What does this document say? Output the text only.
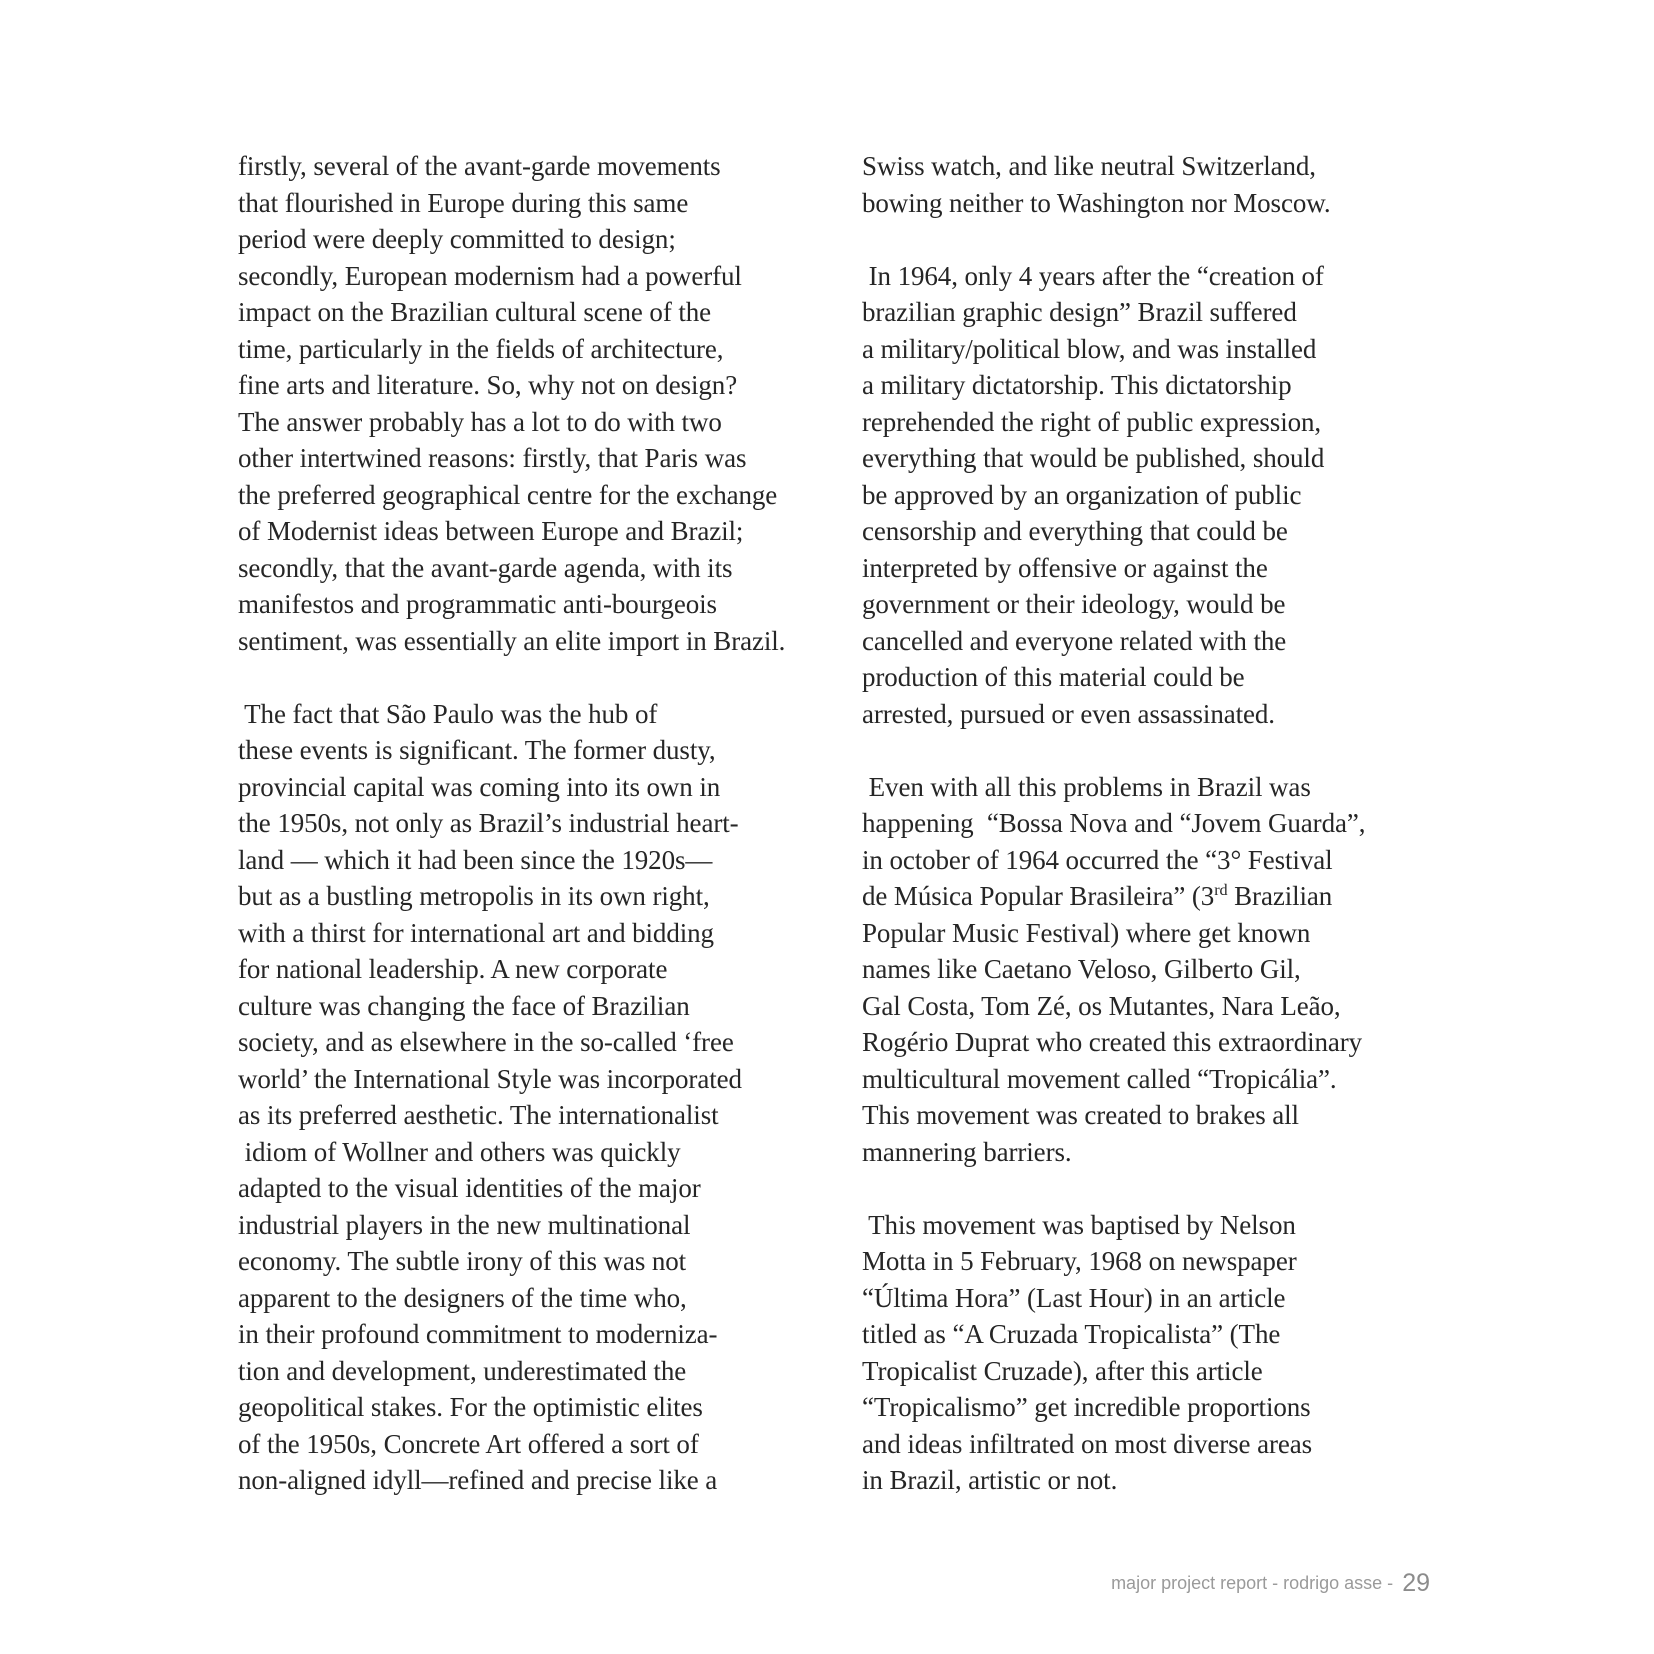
firstly, several of the avant-garde movements
that flourished in Europe during this same
period were deeply committed to design;
secondly, European modernism had a powerful
impact on the Brazilian cultural scene of the
time, particularly in the fields of architecture,
fine arts and literature. So, why not on design?
The answer probably has a lot to do with two
other intertwined reasons: firstly, that Paris was
the preferred geographical centre for the exchange
of Modernist ideas between Europe and Brazil;
secondly, that the avant-garde agenda, with its
manifestos and programmatic anti-bourgeois
sentiment, was essentially an elite import in Brazil.
The fact that São Paulo was the hub of
these events is significant. The former dusty,
provincial capital was coming into its own in
the 1950s, not only as Brazil’s industrial heart-
land — which it had been since the 1920s—
but as a bustling metropolis in its own right,
with a thirst for international art and bidding
for national leadership. A new corporate
culture was changing the face of Brazilian
society, and as elsewhere in the so-called ‘free
world’ the International Style was incorporated
as its preferred aesthetic. The internationalist
idiom of Wollner and others was quickly
adapted to the visual identities of the major
industrial players in the new multinational
economy. The subtle irony of this was not
apparent to the designers of the time who,
in their profound commitment to moderniza-
tion and development, underestimated the
geopolitical stakes. For the optimistic elites
of the 1950s, Concrete Art offered a sort of
non-aligned idyll—refined and precise like a
Swiss watch, and like neutral Switzerland,
bowing neither to Washington nor Moscow.
In 1964, only 4 years after the “creation of
brazilian graphic design” Brazil suffered
a military/political blow, and was installed
a military dictatorship. This dictatorship
reprehended the right of public expression,
everything that would be published, should
be approved by an organization of public
censorship and everything that could be
interpreted by offensive or against the
government or their ideology, would be
cancelled and everyone related with the
production of this material could be
arrested, pursued or even assassinated.
Even with all this problems in Brazil was
happening  “Bossa Nova and “Jovem Guarda”,
in october of 1964 occurred the “3° Festival
de Música Popular Brasileira” (3rd Brazilian
Popular Music Festival) where get known
names like Caetano Veloso, Gilberto Gil,
Gal Costa, Tom Zé, os Mutantes, Nara Leão,
Rogério Duprat who created this extraordinary
multicultural movement called “Tropicália”.
This movement was created to brakes all
mannering barriers.
This movement was baptised by Nelson
Motta in 5 February, 1968 on newspaper
“Última Hora” (Last Hour) in an article
titled as “A Cruzada Tropicalista” (The
Tropicalist Cruzade), after this article
“Tropicalismo” get incredible proportions
and ideas infiltrated on most diverse areas
in Brazil, artistic or not.
major project report - rodrigo asse - 29
